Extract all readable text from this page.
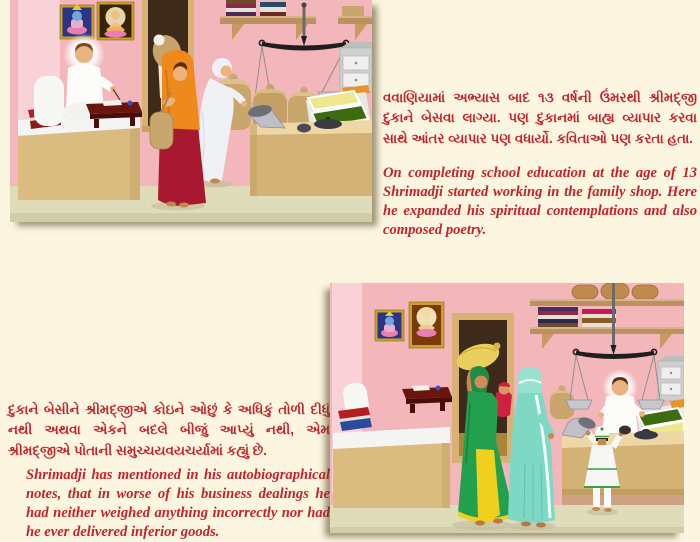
વવાણિયામાં અભ્યાસ બાદ ૧૩ વર્ષની ઉંમરથી શ્રીમદ્જી દુકાને બેસવા લાગ્યા. પણ દુકાનમાં બાહ્ય વ્યાપાર કરવા સાથે આંતર વ્યાપાર પણ વધાર્યો. કવિતાઓ પણ કરતા હતા.

On completing school education at the age of 13 Shrimadji started working in the family shop. Here he expanded his spiritual contemplations and also composed poetry.

દુકાને બેસીને શ્રીમદ્જીએ કોઇને ઓછું કે અધિકું તોળી દીધું નથી અથવા એકને બદલે બીજું આપ્યું નથી, એમ શ્રીમદ્જીએ પોતાની સમુચ્ચયવયચર્યામાં કહ્યું છે.

Shrimadji has mentioned in his autobiographical notes, that in worse of his business dealings he had neither weighed anything incorrectly nor had he ever delivered inferior goods.
